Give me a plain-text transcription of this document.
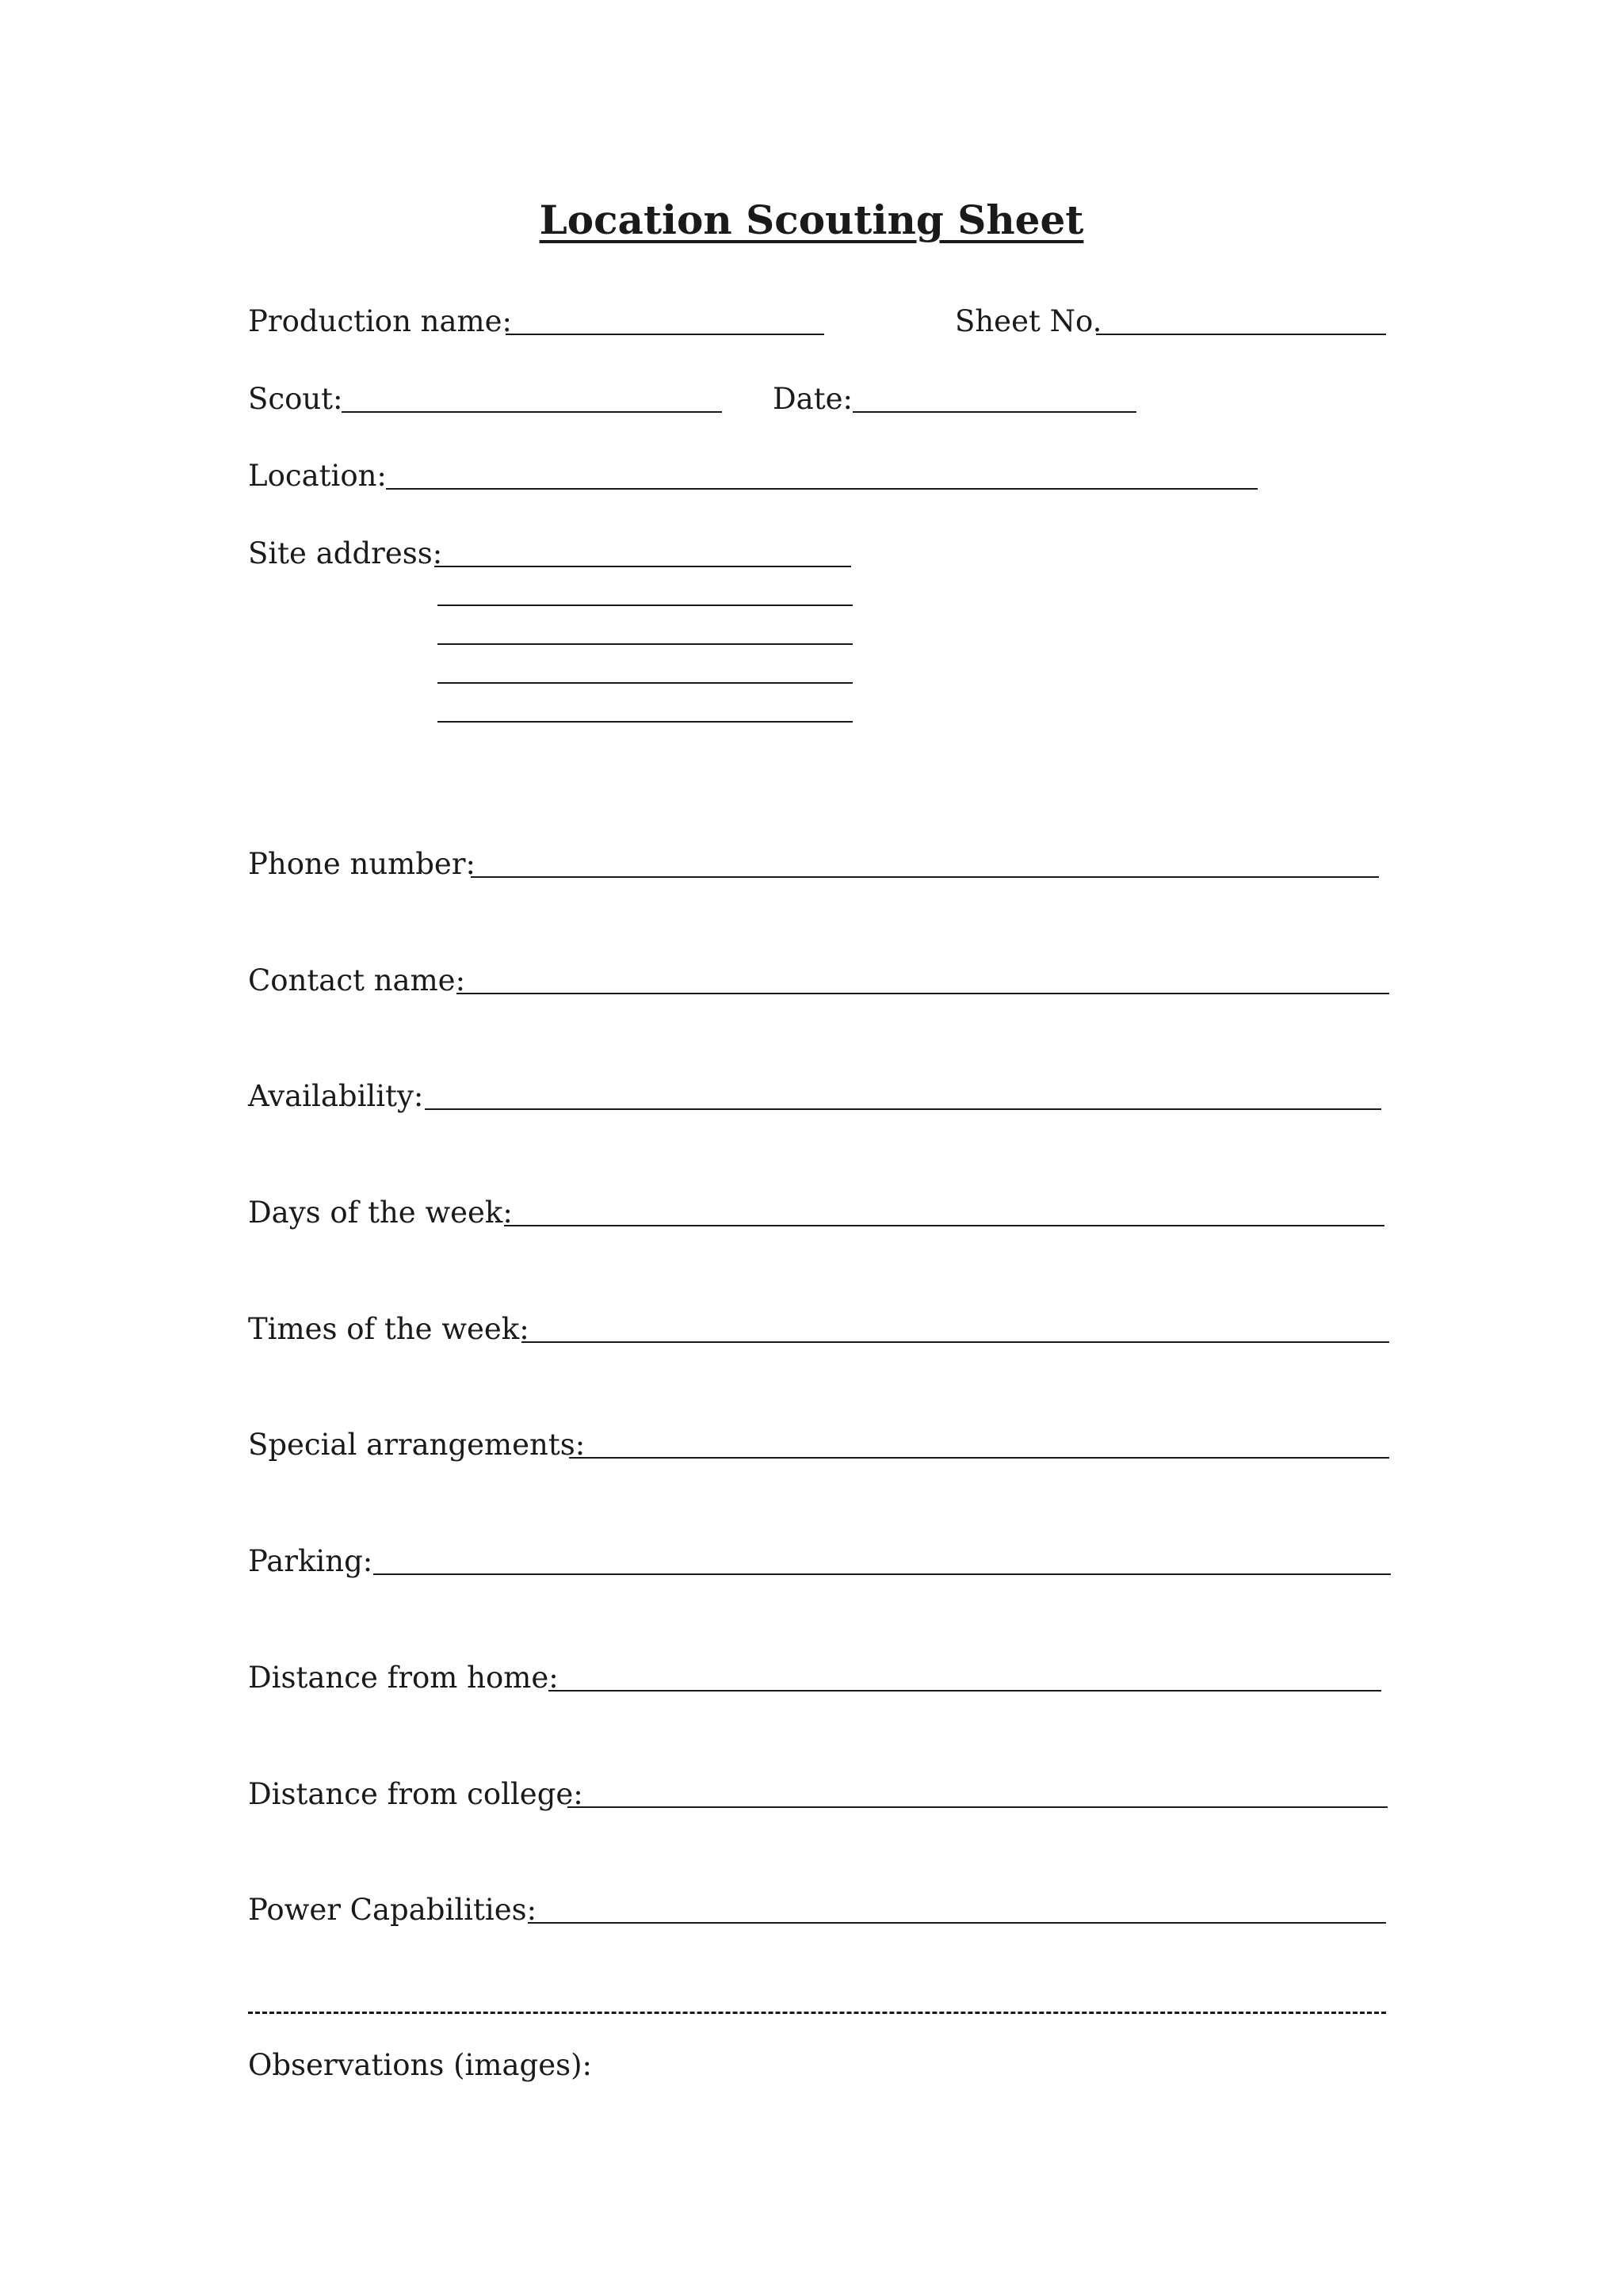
Location Scouting Sheet
Production name:	Sheet No.
Scout:	Date:
Location:
Site address:
Phone number:
Contact name:
Availability:
Days of the week:
Times of the week:
Special arrangements:
Parking:
Distance from home:
Distance from college:
Power Capabilities:
Observations (images):
